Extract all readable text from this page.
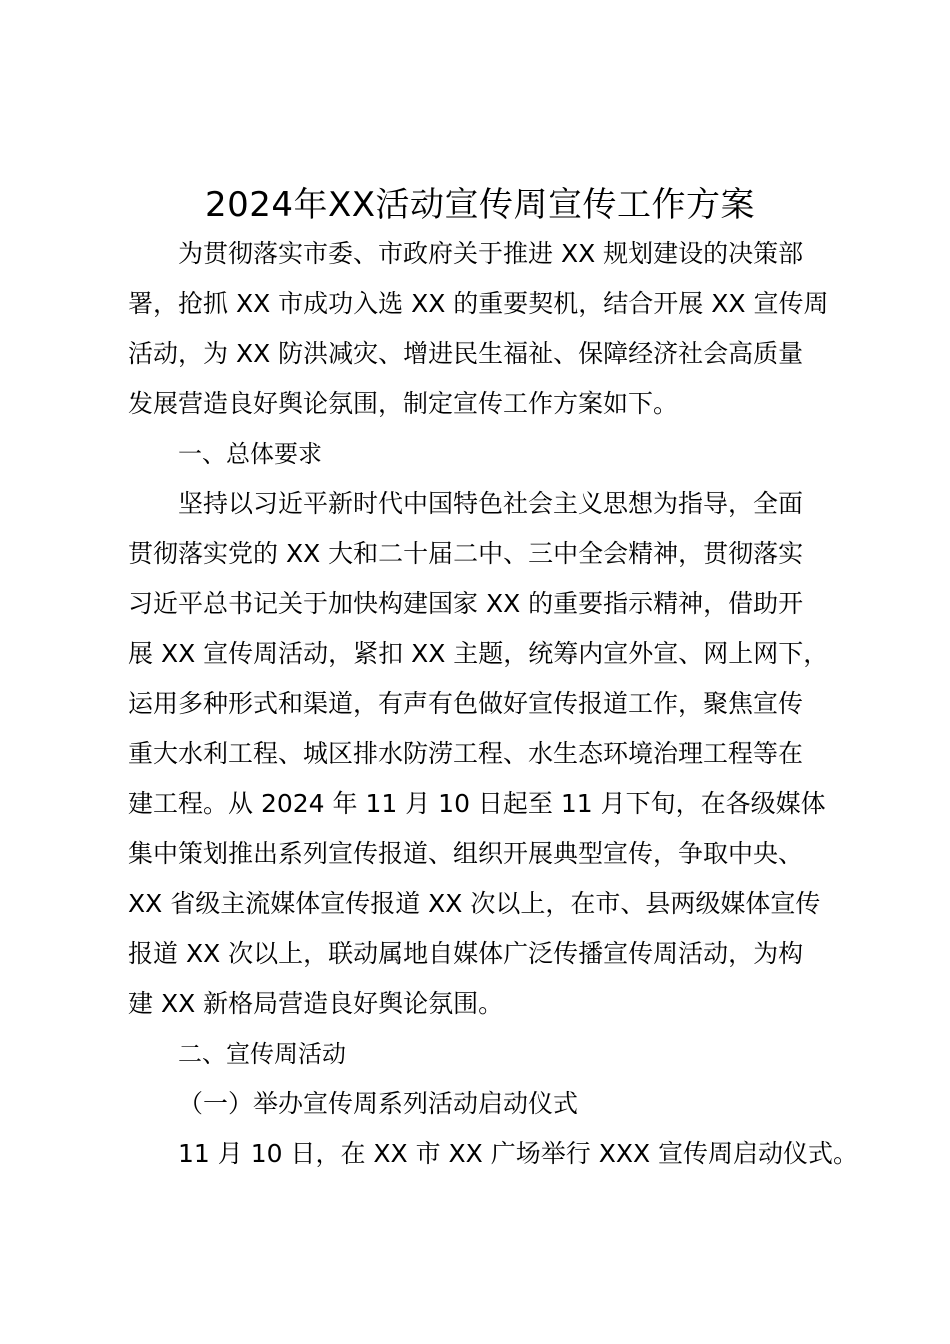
2024年XX活动宣传周宣传工作方案

为贯彻落实市委、市政府关于推进 XX 规划建设的决策部

署，抢抓 XX 市成功入选 XX 的重要契机，结合开展 XX 宣传周

活动，为 XX 防洪减灾、增进民生福祉、保障经济社会高质量

发展营造良好舆论氛围，制定宣传工作方案如下。

一、总体要求

坚持以习近平新时代中国特色社会主义思想为指导，全面

贯彻落实党的 XX 大和二十届二中、三中全会精神，贯彻落实

习近平总书记关于加快构建国家 XX 的重要指示精神，借助开

展 XX 宣传周活动，紧扣 XX 主题，统筹内宣外宣、网上网下，

运用多种形式和渠道，有声有色做好宣传报道工作，聚焦宣传

重大水利工程、城区排水防涝工程、水生态环境治理工程等在

建工程。从 2024 年 11 月 10 日起至 11 月下旬，在各级媒体

集中策划推出系列宣传报道、组织开展典型宣传，争取中央、

XX 省级主流媒体宣传报道 XX 次以上，在市、县两级媒体宣传

报道 XX 次以上，联动属地自媒体广泛传播宣传周活动，为构

建 XX 新格局营造良好舆论氛围。

二、宣传周活动

（一）举办宣传周系列活动启动仪式

11 月 10 日，在 XX 市 XX 广场举行 XXX 宣传周启动仪式。
